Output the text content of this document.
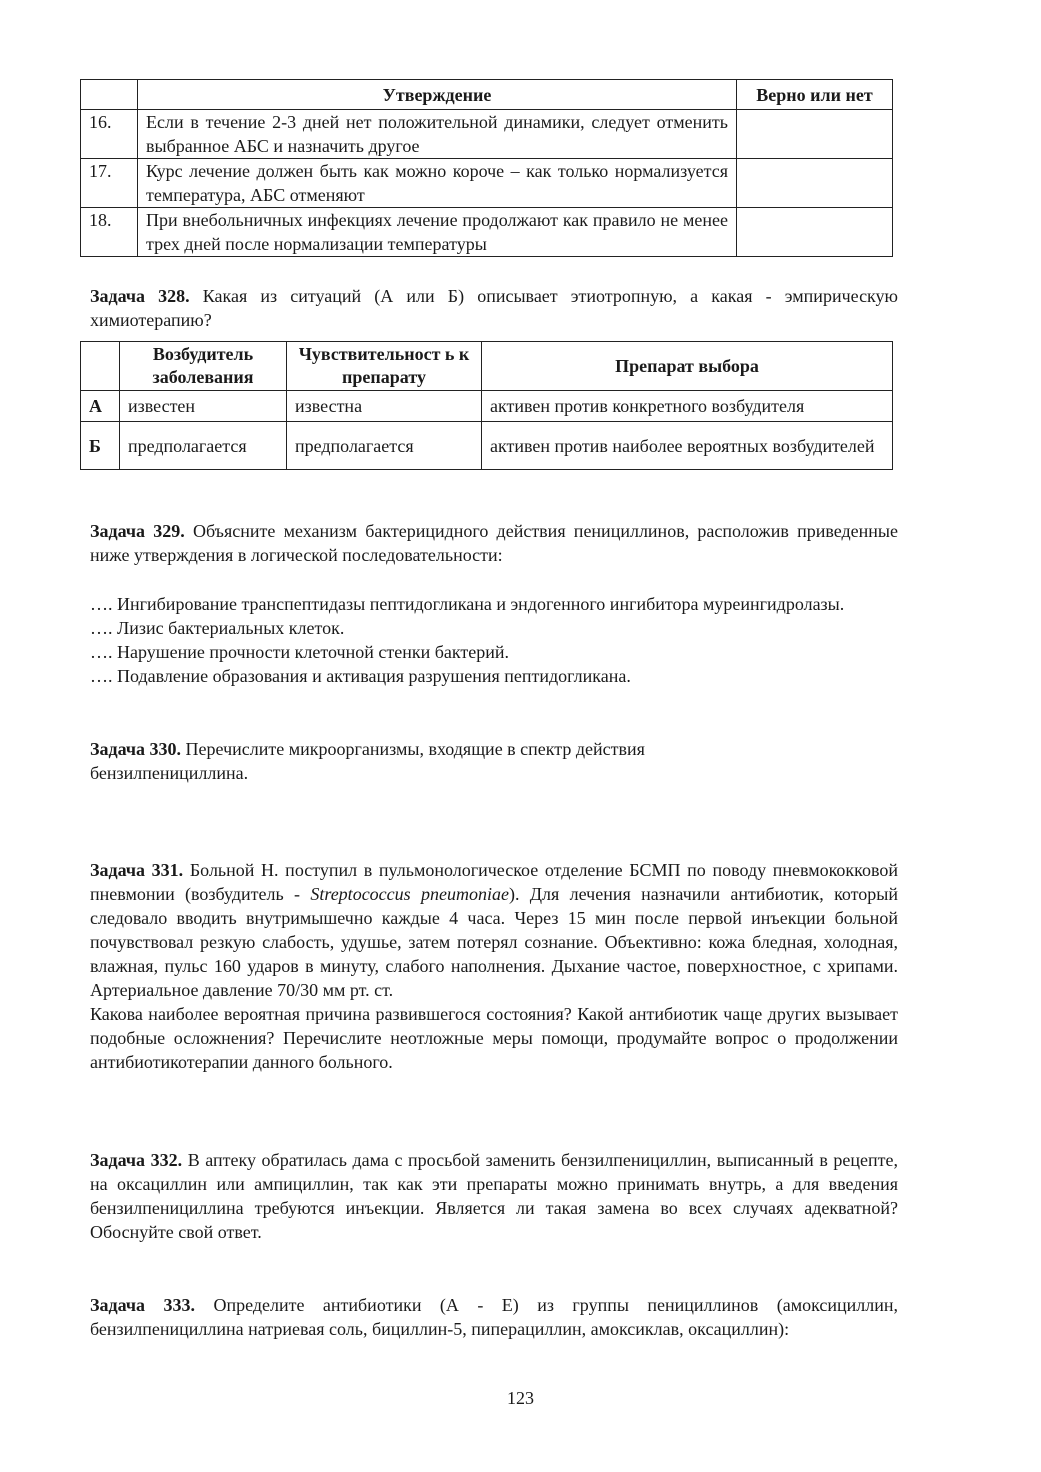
	Утверждение	Верно или нет
16.	Если в течение 2-3 дней нет положительной динамики, следует отменить выбранное АБС и назначить другое	
17.	Курс лечение должен быть как можно короче – как только нормализуется температура, АБС отменяют	
18.	При внебольничных инфекциях лечение продолжают как правило не менее трех дней после нормализации температуры	

Задача 328. Какая из ситуаций (А или Б) описывает этиотропную, а какая - эмпирическую химиотерапию?

	Возбудитель заболевания	Чувствительност ь к препарату	Препарат выбора
А	известен	известна	активен против конкретного возбудителя
Б	предполагается	предполагается	активен против наиболее вероятных возбудителей

Задача 329. Объясните механизм бактерицидного действия пенициллинов, расположив приведенные ниже утверждения в логической последовательности:

…. Ингибирование транспептидазы пептидогликана и эндогенного ингибитора муреингидролазы.

…. Лизис бактериальных клеток.

…. Нарушение прочности клеточной стенки бактерий.

…. Подавление образования и активация разрушения пептидогликана.

Задача 330. Перечислите микроорганизмы, входящие в спектр действия

бензилпенициллина.

Задача 331. Больной Н. поступил в пульмонологическое отделение БСМП по поводу пневмококковой пневмонии (возбудитель - Streptococcus pneumoniae). Для лечения назначили антибиотик, который следовало вводить внутримышечно каждые 4 часа. Через 15 мин после первой инъекции больной почувствовал резкую слабость, удушье, затем потерял сознание. Объективно: кожа бледная, холодная, влажная, пульс 160 ударов в минуту, слабого наполнения. Дыхание частое, поверхностное, с хрипами. Артериальное давление 70/30 мм рт. ст.

Какова наиболее вероятная причина развившегося состояния? Какой антибиотик чаще других вызывает подобные осложнения? Перечислите неотложные меры помощи, продумайте вопрос о продолжении антибиотикотерапии данного больного.

Задача 332. В аптеку обратилась дама с просьбой заменить бензилпенициллин, выписанный в рецепте, на оксациллин или ампициллин, так как эти препараты можно принимать внутрь, а для введения бензилпенициллина требуются инъекции. Является ли такая замена во всех случаях адекватной? Обоснуйте свой ответ.

Задача 333. Определите антибиотики (А - Е) из группы пенициллинов (амоксициллин, бензилпенициллина натриевая соль, бициллин-5, пиперациллин, амоксиклав, оксациллин):

123
